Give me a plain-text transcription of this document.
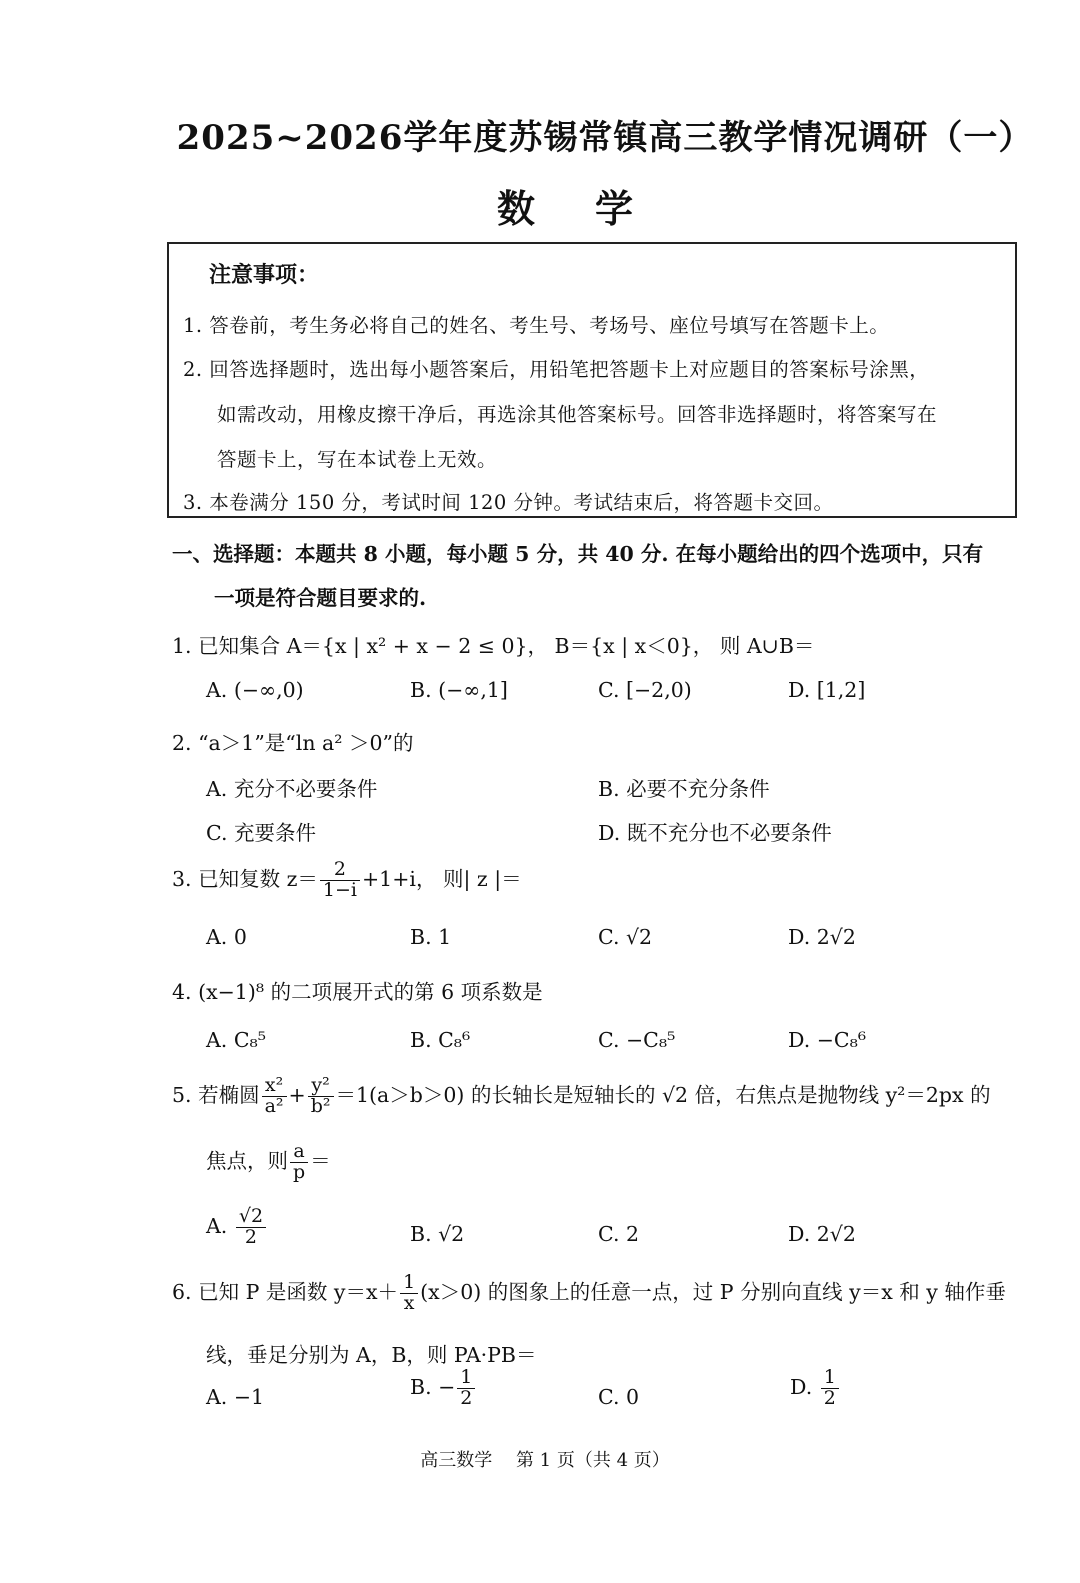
2025~2026学年度苏锡常镇高三教学情况调研（一）
数学
注意事项：
1. 答卷前，考生务必将自己的姓名、考生号、考场号、座位号填写在答题卡上。
2. 回答选择题时，选出每小题答案后，用铅笔把答题卡上对应题目的答案标号涂黑，
如需改动，用橡皮擦干净后，再选涂其他答案标号。回答非选择题时，将答案写在
答题卡上，写在本试卷上无效。
3. 本卷满分 150 分，考试时间 120 分钟。考试结束后，将答题卡交回。
一、选择题：本题共 8 小题，每小题 5 分，共 40 分. 在每小题给出的四个选项中，只有
一项是符合题目要求的.
1. 已知集合 A＝{x | x² + x − 2 ≤ 0}， B＝{x | x＜0}， 则 A∪B＝
A. (−∞,0)	B. (−∞,1]	C. [−2,0)	D. [1,2]
2. “a＞1”是“ln a² ＞0”的
A. 充分不必要条件	B. 必要不充分条件
C. 充要条件	D. 既不充分也不必要条件
3. 已知复数 $z= \frac{2}{1-i} +1+i$， 则| z |＝
A. 0	B. 1	C. √2	D. 2√2
4. (x−1)⁸ 的二项展开式的第 6 项系数是
A. C₈⁵	B. C₈⁶	C. −C₈⁵	D. −C₈⁶
5. 若椭圆 $\frac{\text{x²}}{\text{a²}} + \frac{\text{y²}}{\text{b²}} =1(a>b>0)$ 的长轴长是短轴长的 √2 倍，右焦点是抛物线 y²＝2px 的
焦点，则 $\frac{a}{p}$ ＝
A. $\frac{√2}{2}$	B. √2	C. 2	D. 2√2
6. 已知 P 是函数 $y=x+ \frac{1}{x} (x>0)$ 的图象上的任意一点，过 P 分别向直线 y＝x 和 y 轴作垂
线，垂足分别为 A，B，则 PA·PB＝
A. −1	B. − $\frac{1}{2}$	C. 0	D. $\frac{1}{2}$
高三数学　 第 1 页（共 4 页）
